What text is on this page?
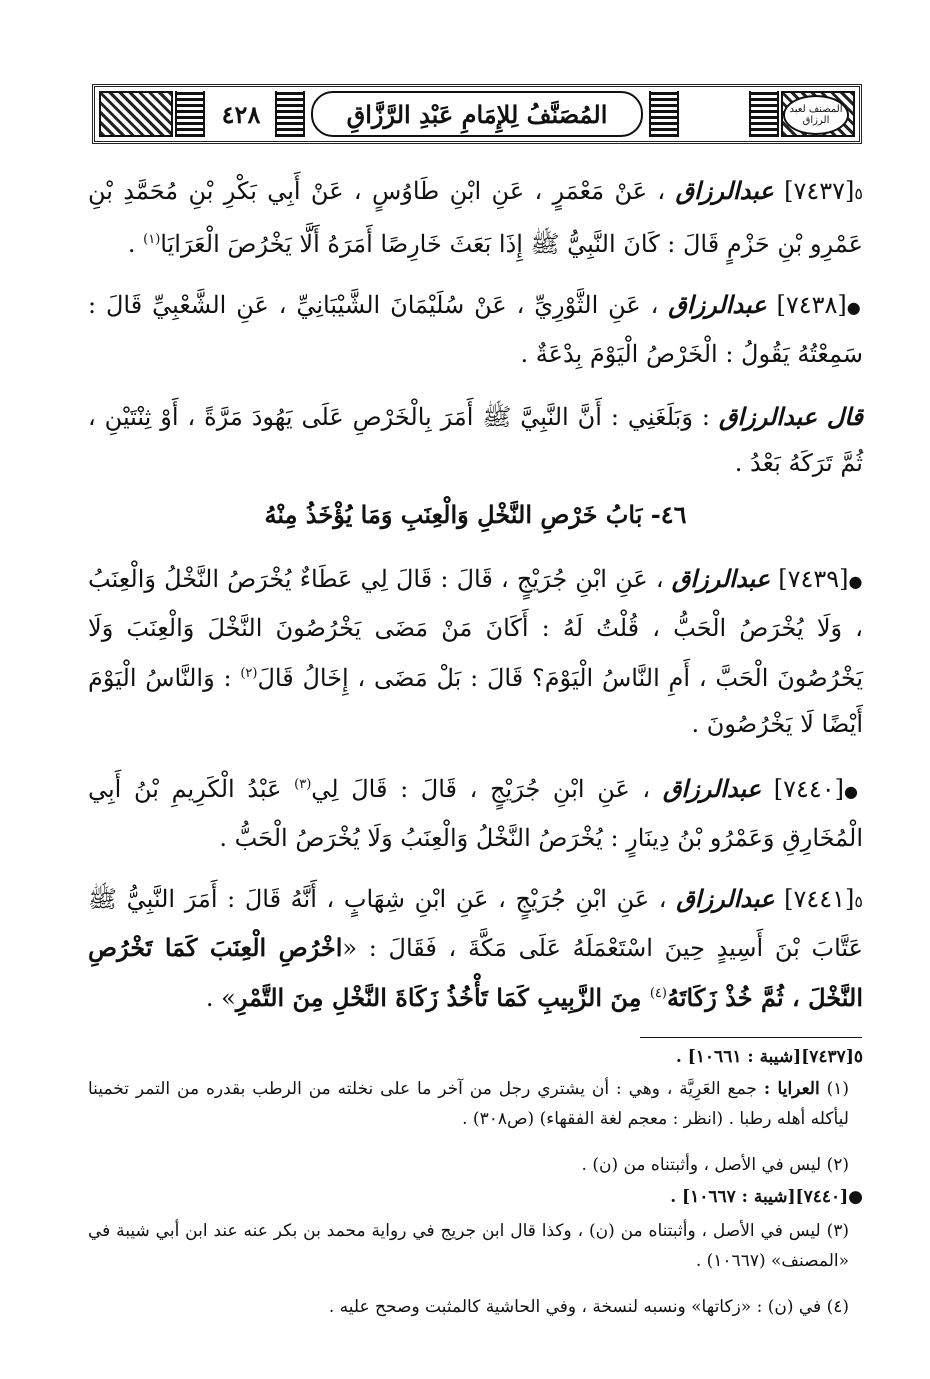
٤٢٨	المُصَنَّفُ لِلإِمَامِ عَبْدِ الرَّزَّاقِ	المصنف لعبد الرزاق
٥[٧٤٣٧] عبدالرزاق ، عَنْ مَعْمَرٍ ، عَنِ ابْنِ طَاوُسٍ ، عَنْ أَبِي بَكْرِ بْنِ مُحَمَّدِ بْنِ عَمْرِو بْنِ حَزْمٍ قَالَ : كَانَ النَّبِيُّ ﷺ إِذَا بَعَثَ خَارِصًا أَمَرَهُ أَلَّا يَخْرُصَ الْعَرَايَا$^{(١)}$ .
●[٧٤٣٨] عبدالرزاق ، عَنِ الثَّوْرِيِّ ، عَنْ سُلَيْمَانَ الشَّيْبَانِيِّ ، عَنِ الشَّعْبِيِّ قَالَ : سَمِعْتُهُ يَقُولُ : الْخَرْصُ الْيَوْمَ بِدْعَةٌ .
قال عبدالرزاق : وَبَلَغَنِي : أَنَّ النَّبِيَّ ﷺ أَمَرَ بِالْخَرْصِ عَلَى يَهُودَ مَرَّةً ، أَوْ ثِنْتَيْنِ ، ثُمَّ تَرَكَهُ بَعْدُ .
٤٦- بَابُ خَرْصِ النَّخْلِ وَالْعِنَبِ وَمَا يُؤْخَذُ مِنْهُ
●[٧٤٣٩] عبدالرزاق ، عَنِ ابْنِ جُرَيْجٍ ، قَالَ : قَالَ لِي عَطَاءٌ يُخْرَصُ النَّخْلُ وَالْعِنَبُ ، وَلَا يُخْرَصُ الْحَبُّ ، قُلْتُ لَهُ : أَكَانَ مَنْ مَضَى يَخْرُصُونَ النَّخْلَ وَالْعِنَبَ وَلَا يَخْرُصُونَ الْحَبَّ ، أَمِ النَّاسُ الْيَوْمَ؟ قَالَ : بَلْ مَضَى ، إِخَالُ قَالَ$^{(٢)}$ : وَالنَّاسُ الْيَوْمَ أَيْضًا لَا يَخْرُصُونَ .
●[٧٤٤٠] عبدالرزاق ، عَنِ ابْنِ جُرَيْجٍ ، قَالَ : قَالَ لِي$^{(٣)}$ عَبْدُ الْكَرِيمِ بْنُ أَبِي الْمُخَارِقِ وَعَمْرُو بْنُ دِينَارٍ : يُخْرَصُ النَّخْلُ وَالْعِنَبُ وَلَا يُخْرَصُ الْحَبُّ .
٥[٧٤٤١] عبدالرزاق ، عَنِ ابْنِ جُرَيْجٍ ، عَنِ ابْنِ شِهَابٍ ، أَنَّهُ قَالَ : أَمَرَ النَّبِيُّ ﷺ عَتَّابَ بْنَ أَسِيدٍ حِينَ اسْتَعْمَلَهُ عَلَى مَكَّةَ ، فَقَالَ : «اخْرُصِ الْعِنَبَ كَمَا تَخْرُصِ النَّخْلَ ، ثُمَّ خُذْ زَكَاتَهُ$^{(٤)}$ مِنَ الزَّبِيبِ كَمَا تَأْخُذُ زَكَاةَ النَّخْلِ مِنَ التَّمْرِ» .
٥[٧٤٣٧][شيبة : ١٠٦٦١] .
(١) العرايا : جمع العَرِيَّة ، وهي : أن يشتري رجل من آخر ما على نخلته من الرطب بقدره من التمر تخمينا ليأكله أهله رطبا . (انظر : معجم لغة الفقهاء) (ص٣٠٨) .
(٢) ليس في الأصل ، وأثبتناه من (ن) .
●[٧٤٤٠][شيبة : ١٠٦٦٧] .
(٣) ليس في الأصل ، وأثبتناه من (ن) ، وكذا قال ابن جريج في رواية محمد بن بكر عنه عند ابن أبي شيبة في «المصنف» (١٠٦٦٧) .
(٤) في (ن) : «زكاتها» ونسبه لنسخة ، وفي الحاشية كالمثبت وصحح عليه .
